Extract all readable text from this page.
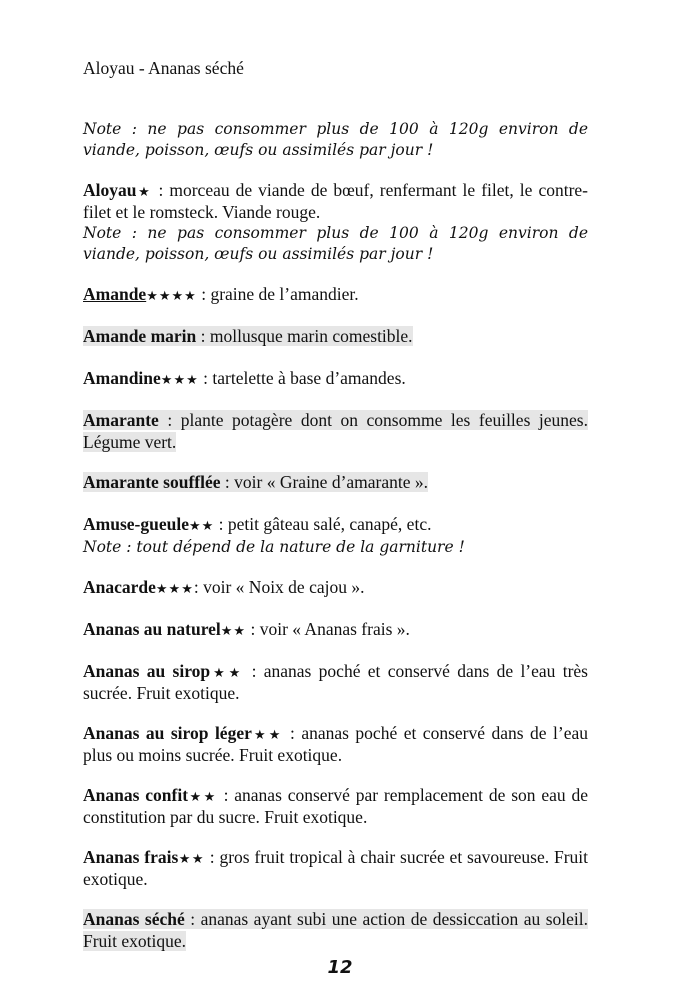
Aloyau - Ananas séché
Note : ne pas consommer plus de 100 à 120g environ de viande, poisson, œufs ou assimilés par jour !
Aloyau★ : morceau de viande de bœuf, renfermant le filet, le contre-filet et le romsteck. Viande rouge.
Note : ne pas consommer plus de 100 à 120g environ de viande, poisson, œufs ou assimilés par jour !
Amande★★★★ : graine de l’amandier.
Amande marin : mollusque marin comestible.
Amandine★★★ : tartelette à base d’amandes.
Amarante : plante potagère dont on consomme les feuilles jeunes. Légume vert.
Amarante soufflée : voir « Graine d’amarante ».
Amuse-gueule★★ : petit gâteau salé, canapé, etc.
Note : tout dépend de la nature de la garniture !
Anacarde★★★: voir « Noix de cajou ».
Ananas au naturel★★ : voir « Ananas frais ».
Ananas au sirop★★ : ananas poché et conservé dans de l’eau très sucrée. Fruit exotique.
Ananas au sirop léger★★ : ananas poché et conservé dans de l’eau plus ou moins sucrée. Fruit exotique.
Ananas confit★★ : ananas conservé par remplacement de son eau de constitution par du sucre. Fruit exotique.
Ananas frais★★ : gros fruit tropical à chair sucrée et savoureuse. Fruit exotique.
Ananas séché : ananas ayant subi une action de dessiccation au soleil. Fruit exotique.
12
